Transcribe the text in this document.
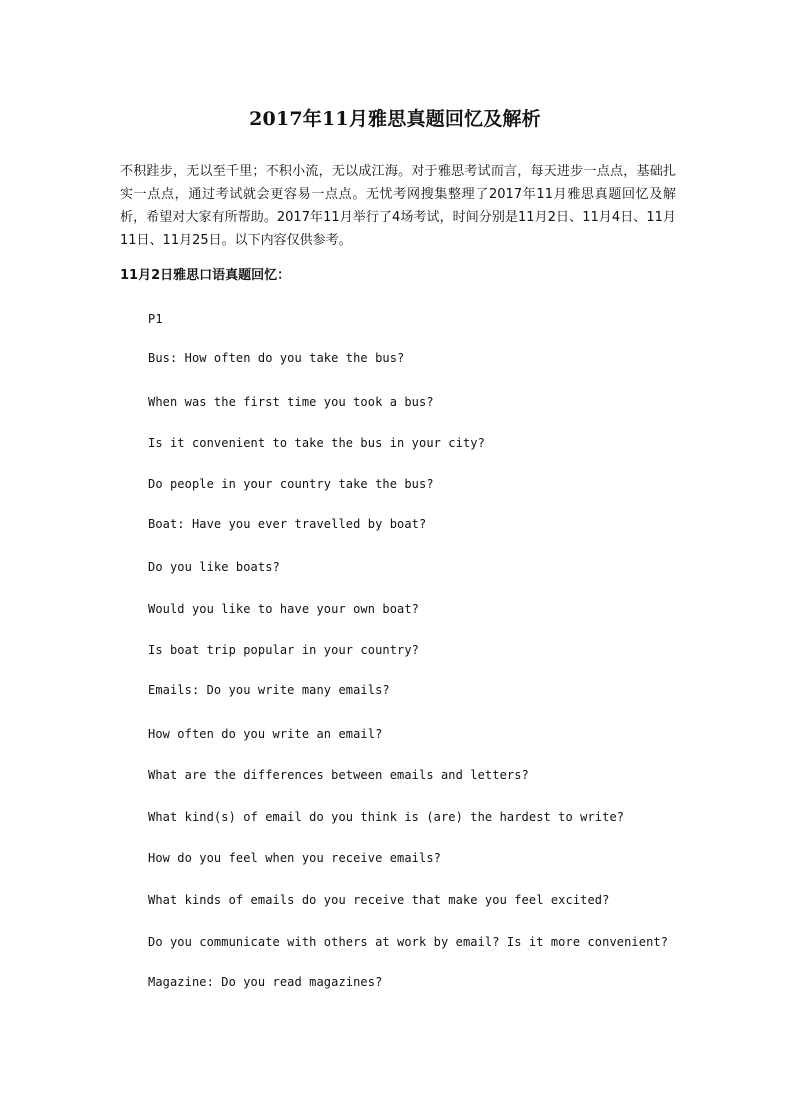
2017年11月雅思真题回忆及解析
不积跬步，无以至千里；不积小流，无以成江海。对于雅思考试而言，每天进步一点点，基础扎实一点点，通过考试就会更容易一点点。无忧考网搜集整理了2017年11月雅思真题回忆及解析，希望对大家有所帮助。2017年11月举行了4场考试，时间分别是11月2日、11月4日、11月11日、11月25日。以下内容仅供参考。
11月2日雅思口语真题回忆：
P1
Bus: How often do you take the bus?
When was the first time you took a bus?
Is it convenient to take the bus in your city?
Do people in your country take the bus?
Boat: Have you ever travelled by boat?
Do you like boats?
Would you like to have your own boat?
Is boat trip popular in your country?
Emails: Do you write many emails?
How often do you write an email?
What are the differences between emails and letters?
What kind(s) of email do you think is (are) the hardest to write?
How do you feel when you receive emails?
What kinds of emails do you receive that make you feel excited?
Do you communicate with others at work by email? Is it more convenient?
Magazine: Do you read magazines?
